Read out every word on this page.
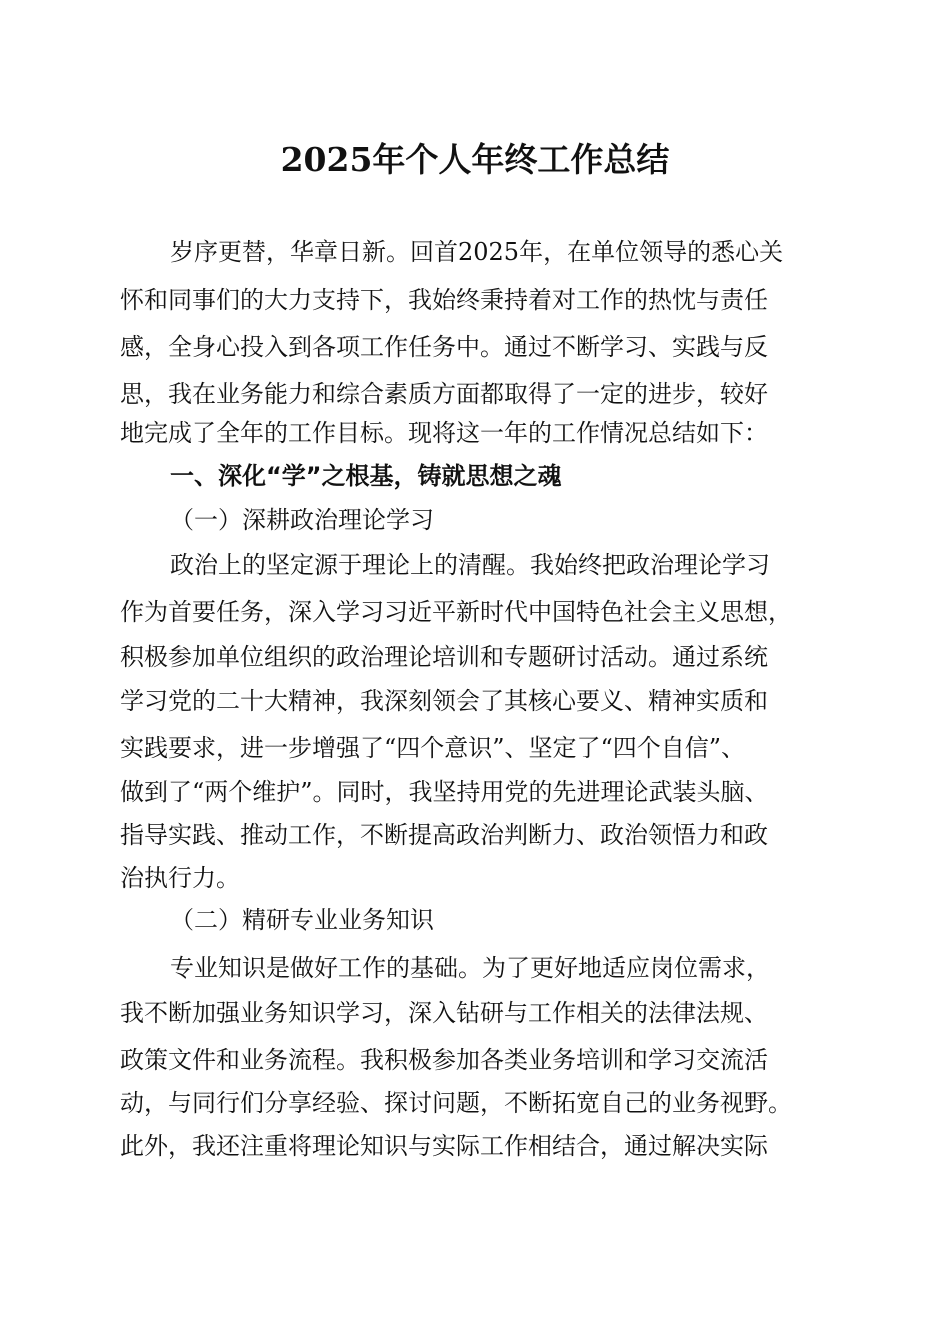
2025年个人年终工作总结
岁序更替，华章日新。回首2025年，在单位领导的悉心关
怀和同事们的大力支持下，我始终秉持着对工作的热忱与责任
感，全身心投入到各项工作任务中。通过不断学习、实践与反
思，我在业务能力和综合素质方面都取得了一定的进步，较好
地完成了全年的工作目标。现将这一年的工作情况总结如下：
一、深化“学”之根基，铸就思想之魂
（一）深耕政治理论学习
政治上的坚定源于理论上的清醒。我始终把政治理论学习
作为首要任务，深入学习习近平新时代中国特色社会主义思想，
积极参加单位组织的政治理论培训和专题研讨活动。通过系统
学习党的二十大精神，我深刻领会了其核心要义、精神实质和
实践要求，进一步增强了“四个意识”、坚定了“四个自信”、
做到了“两个维护”。同时，我坚持用党的先进理论武装头脑、
指导实践、推动工作，不断提高政治判断力、政治领悟力和政
治执行力。
（二）精研专业业务知识
专业知识是做好工作的基础。为了更好地适应岗位需求，
我不断加强业务知识学习，深入钻研与工作相关的法律法规、
政策文件和业务流程。我积极参加各类业务培训和学习交流活
动，与同行们分享经验、探讨问题，不断拓宽自己的业务视野。
此外，我还注重将理论知识与实际工作相结合，通过解决实际
